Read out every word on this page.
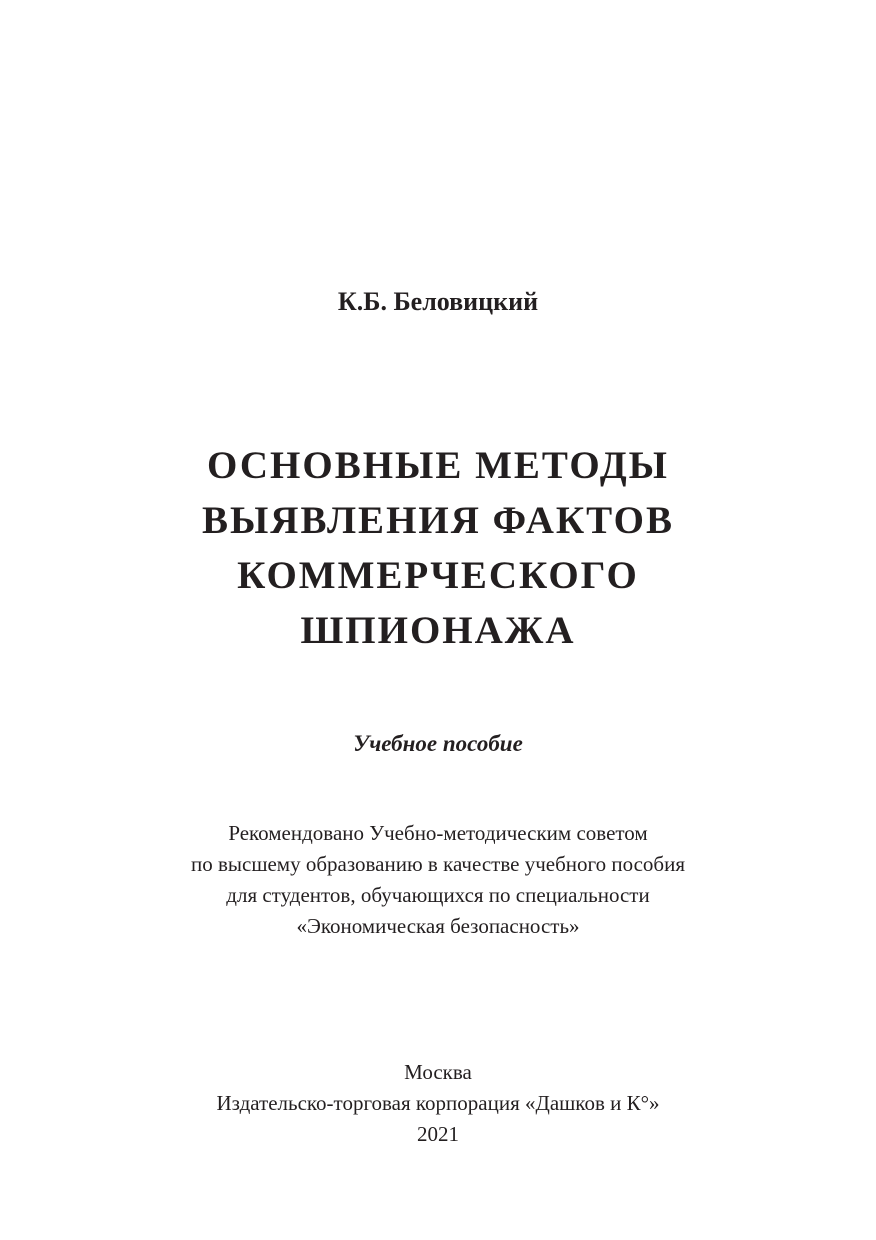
К.Б. Беловицкий
ОСНОВНЫЕ МЕТОДЫ
ВЫЯВЛЕНИЯ ФАКТОВ
КОММЕРЧЕСКОГО
ШПИОНАЖА
Учебное пособие
Рекомендовано Учебно-методическим советом
по высшему образованию в качестве учебного пособия
для студентов, обучающихся по специальности
«Экономическая безопасность»
Москва
Издательско-торговая корпорация «Дашков и К°»
2021
